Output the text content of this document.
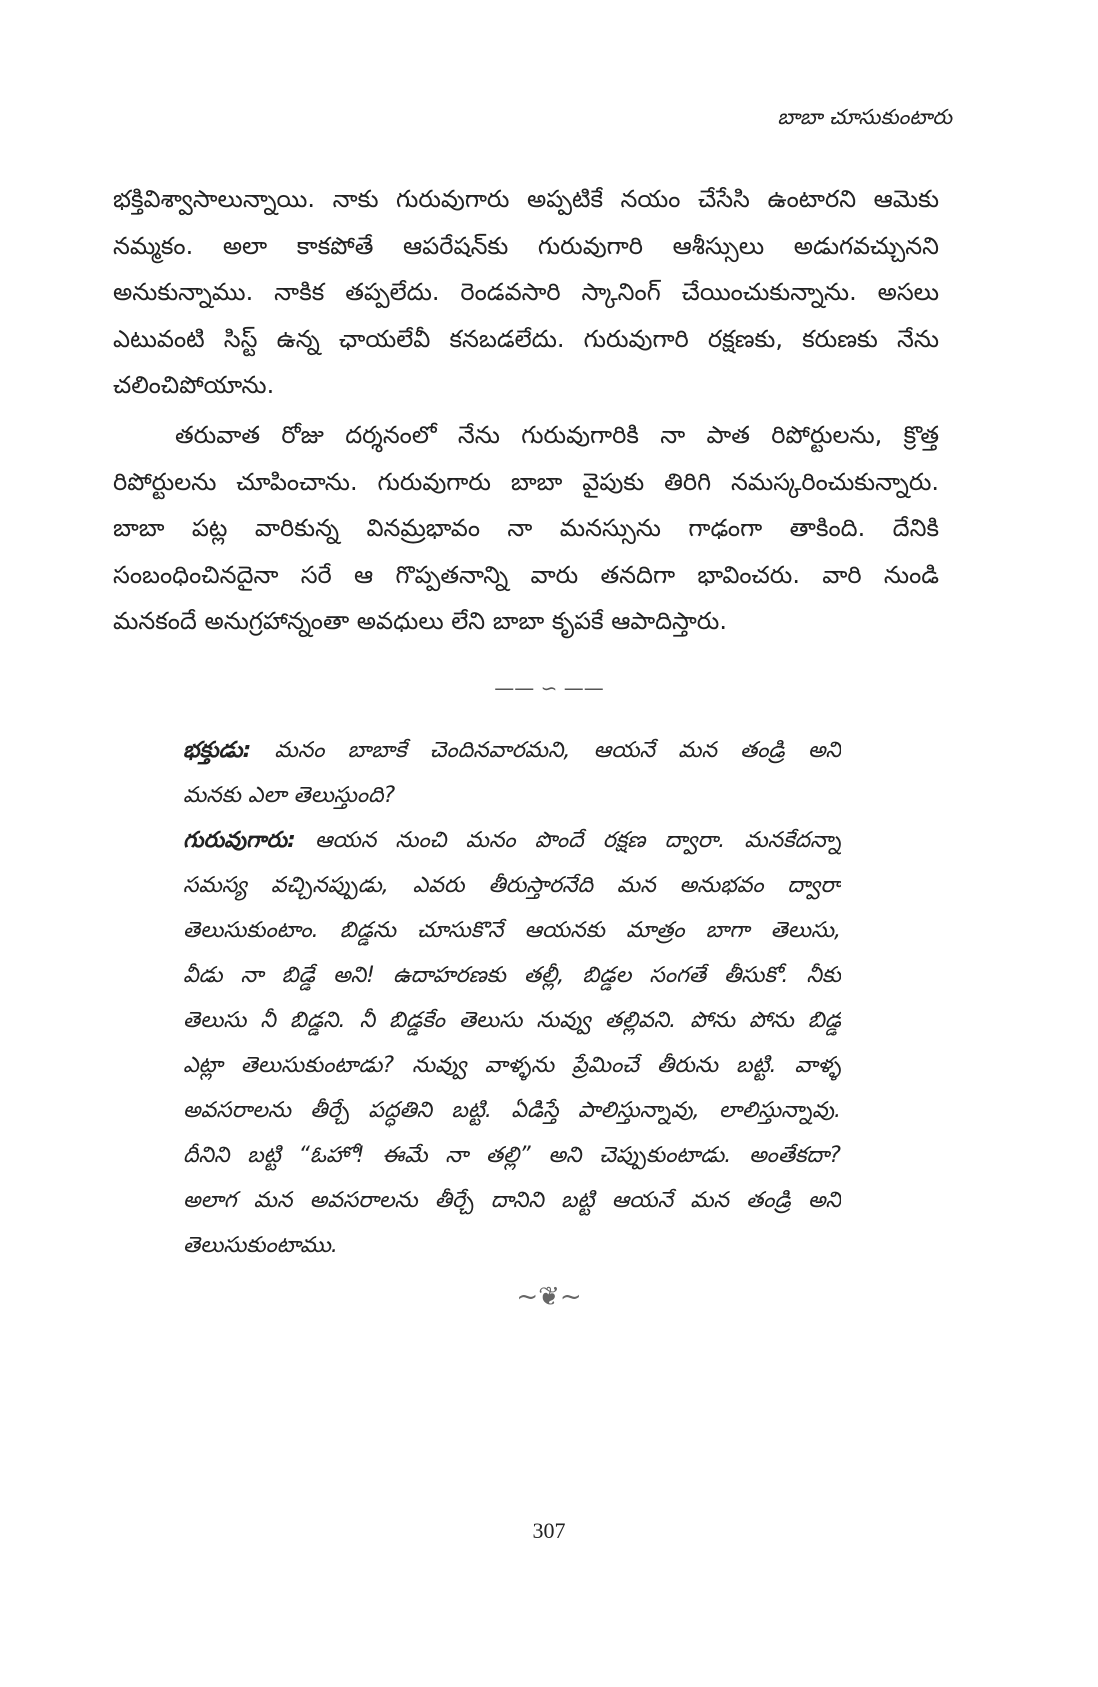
బాబా చూసుకుంటారు
భక్తివిశ్వాసాలున్నాయి. నాకు గురువుగారు అప్పటికే నయం చేసేసి ఉంటారని ఆమెకు
నమ్మకం. అలా కాకపోతే ఆపరేషన్‌కు గురువుగారి ఆశీస్సులు అడుగవచ్చునని
అనుకున్నాము. నాకిక తప్పలేదు. రెండవసారి స్కానింగ్ చేయించుకున్నాను. అసలు
ఎటువంటి సిస్ట్ ఉన్న ఛాయలేవీ కనబడలేదు. గురువుగారి రక్షణకు, కరుణకు నేను
చలించిపోయాను.
తరువాత రోజు దర్శనంలో నేను గురువుగారికి నా పాత రిపోర్టులను, క్రొత్త
రిపోర్టులను చూపించాను. గురువుగారు బాబా వైపుకు తిరిగి నమస్కరించుకున్నారు.
బాబా పట్ల వారికున్న వినమ్రభావం నా మనస్సును గాఢంగా తాకింది. దేనికి
సంబంధించినదైనా సరే ఆ గొప్పతనాన్ని వారు తనదిగా భావించరు. వారి నుండి
మనకందే అనుగ్రహాన్నంతా అవధులు లేని బాబా కృపకే ఆపాదిస్తారు.
—— ∽ ——
భక్తుడు: మనం బాబాకే చెందినవారమని, ఆయనే మన తండ్రి అని
మనకు ఎలా తెలుస్తుంది?
గురువుగారు: ఆయన నుంచి మనం పొందే రక్షణ ద్వారా. మనకేదన్నా
సమస్య వచ్చినప్పుడు, ఎవరు తీరుస్తారనేది మన అనుభవం ద్వారా
తెలుసుకుంటాం. బిడ్డను చూసుకొనే ఆయనకు మాత్రం బాగా తెలుసు,
వీడు నా బిడ్డే అని! ఉదాహరణకు తల్లీ, బిడ్డల సంగతే తీసుకో. నీకు
తెలుసు నీ బిడ్డని. నీ బిడ్డకేం తెలుసు నువ్వు తల్లివని. పోను పోను బిడ్డ
ఎట్లా తెలుసుకుంటాడు? నువ్వు వాళ్ళను ప్రేమించే తీరును బట్టి. వాళ్ళ
అవసరాలను తీర్చే పద్ధతిని బట్టి. ఏడిస్తే పాలిస్తున్నావు, లాలిస్తున్నావు.
దీనిని బట్టి “ఓహో! ఈమే నా తల్లి” అని చెప్పుకుంటాడు. అంతేకదా?
అలాగ మన అవసరాలను తీర్చే దానిని బట్టి ఆయనే మన తండ్రి అని
తెలుసుకుంటాము.
~❦~
307
